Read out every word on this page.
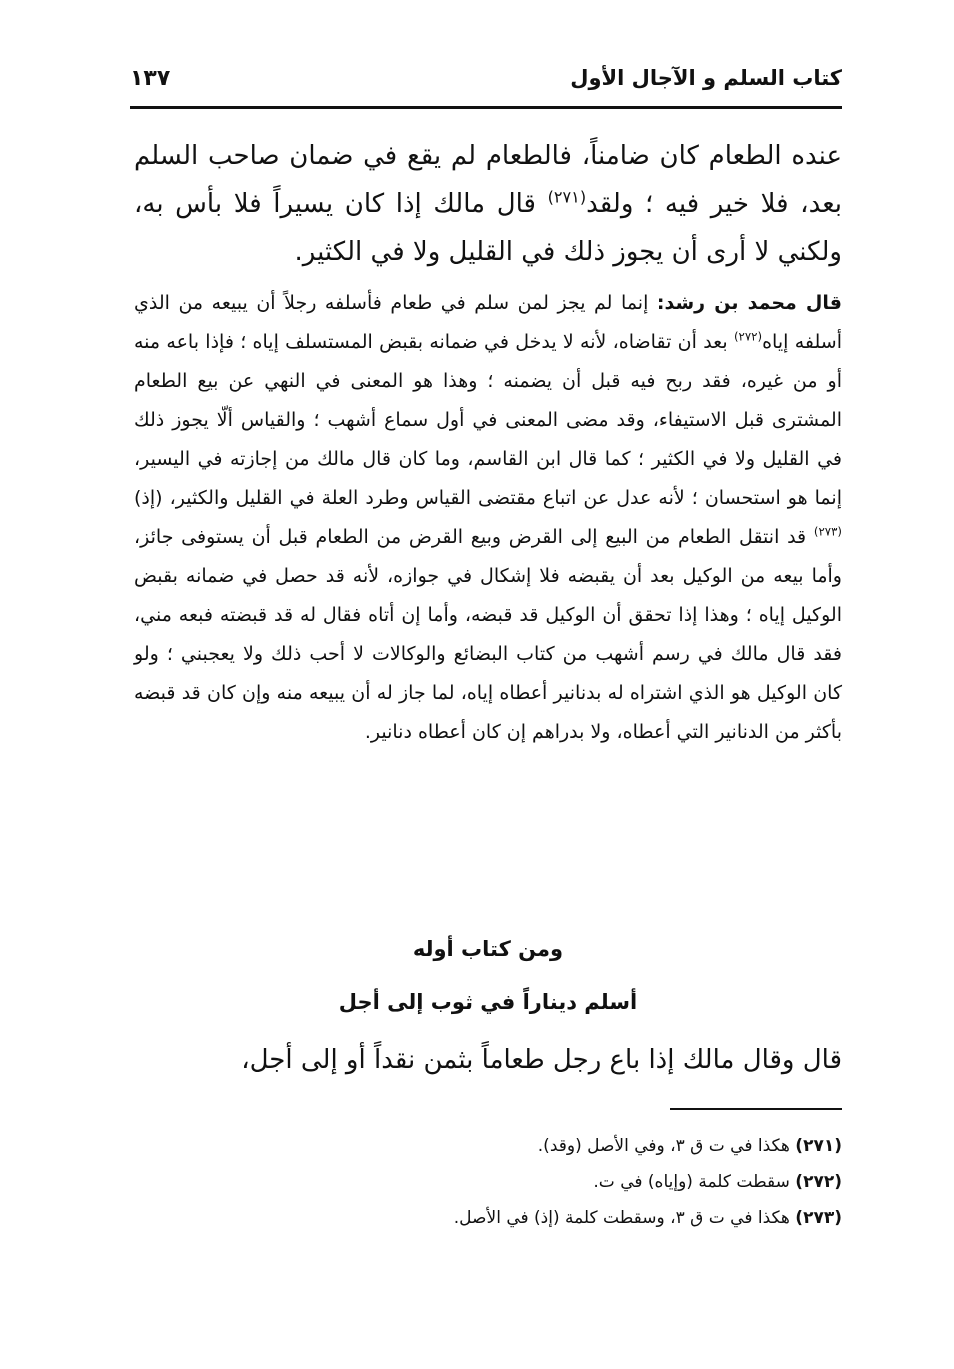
كتاب السلم و الآجال الأول
١٣٧

عنده الطعام كان ضامناً، فالطعام لم يقع في ضمان صاحب السلم بعد، فلا خير فيه ؛ ولقد$^{(٢٧١)}$ قال مالك إذا كان يسيراً فلا بأس به، ولكني لا أرى أن يجوز ذلك في القليل ولا في الكثير.

قال محمد بن رشد: إنما لم يجز لمن سلم في طعام فأسلفه رجلاً أن يبيعه من الذي أسلفه إياه$^{(٢٧٢)}$ بعد أن تقاضاه، لأنه لا يدخل في ضمانه بقبض المستسلف إياه ؛ فإذا باعه منه أو من غيره، فقد ربح فيه قبل أن يضمنه ؛ وهذا هو المعنى في النهي عن بيع الطعام المشترى قبل الاستيفاء، وقد مضى المعنى في أول سماع أشهب ؛ والقياس ألّا يجوز ذلك في القليل ولا في الكثير ؛ كما قال ابن القاسم، وما كان قال مالك من إجازته في اليسير، إنما هو استحسان ؛ لأنه عدل عن اتباع مقتضى القياس وطرد العلة في القليل والكثير، (إذ)$^{(٢٧٣)}$ قد انتقل الطعام من البيع إلى القرض وبيع القرض من الطعام قبل أن يستوفى جائز، وأما بيعه من الوكيل بعد أن يقبضه فلا إشكال في جوازه، لأنه قد حصل في ضمانه بقبض الوكيل إياه ؛ وهذا إذا تحقق أن الوكيل قد قبضه، وأما إن أتاه فقال له قد قبضته فبعه مني، فقد قال مالك في رسم أشهب من كتاب البضائع والوكالات لا أحب ذلك ولا يعجبني ؛ ولو كان الوكيل هو الذي اشتراه له بدنانير أعطاه إياه، لما جاز له أن يبيعه منه وإن كان قد قبضه بأكثر من الدنانير التي أعطاه، ولا بدراهم إن كان أعطاه دنانير.

ومن كتاب أوله
أسلم ديناراً في ثوب إلى أجل

قال وقال مالك إذا باع رجل طعاماً بثمن نقداً أو إلى أجل،

(٢٧١) هكذا في ت ق ٣، وفي الأصل (وقد).
(٢٧٢) سقطت كلمة (وإياه) في ت.
(٢٧٣) هكذا في ت ق ٣، وسقطت كلمة (إذ) في الأصل.
